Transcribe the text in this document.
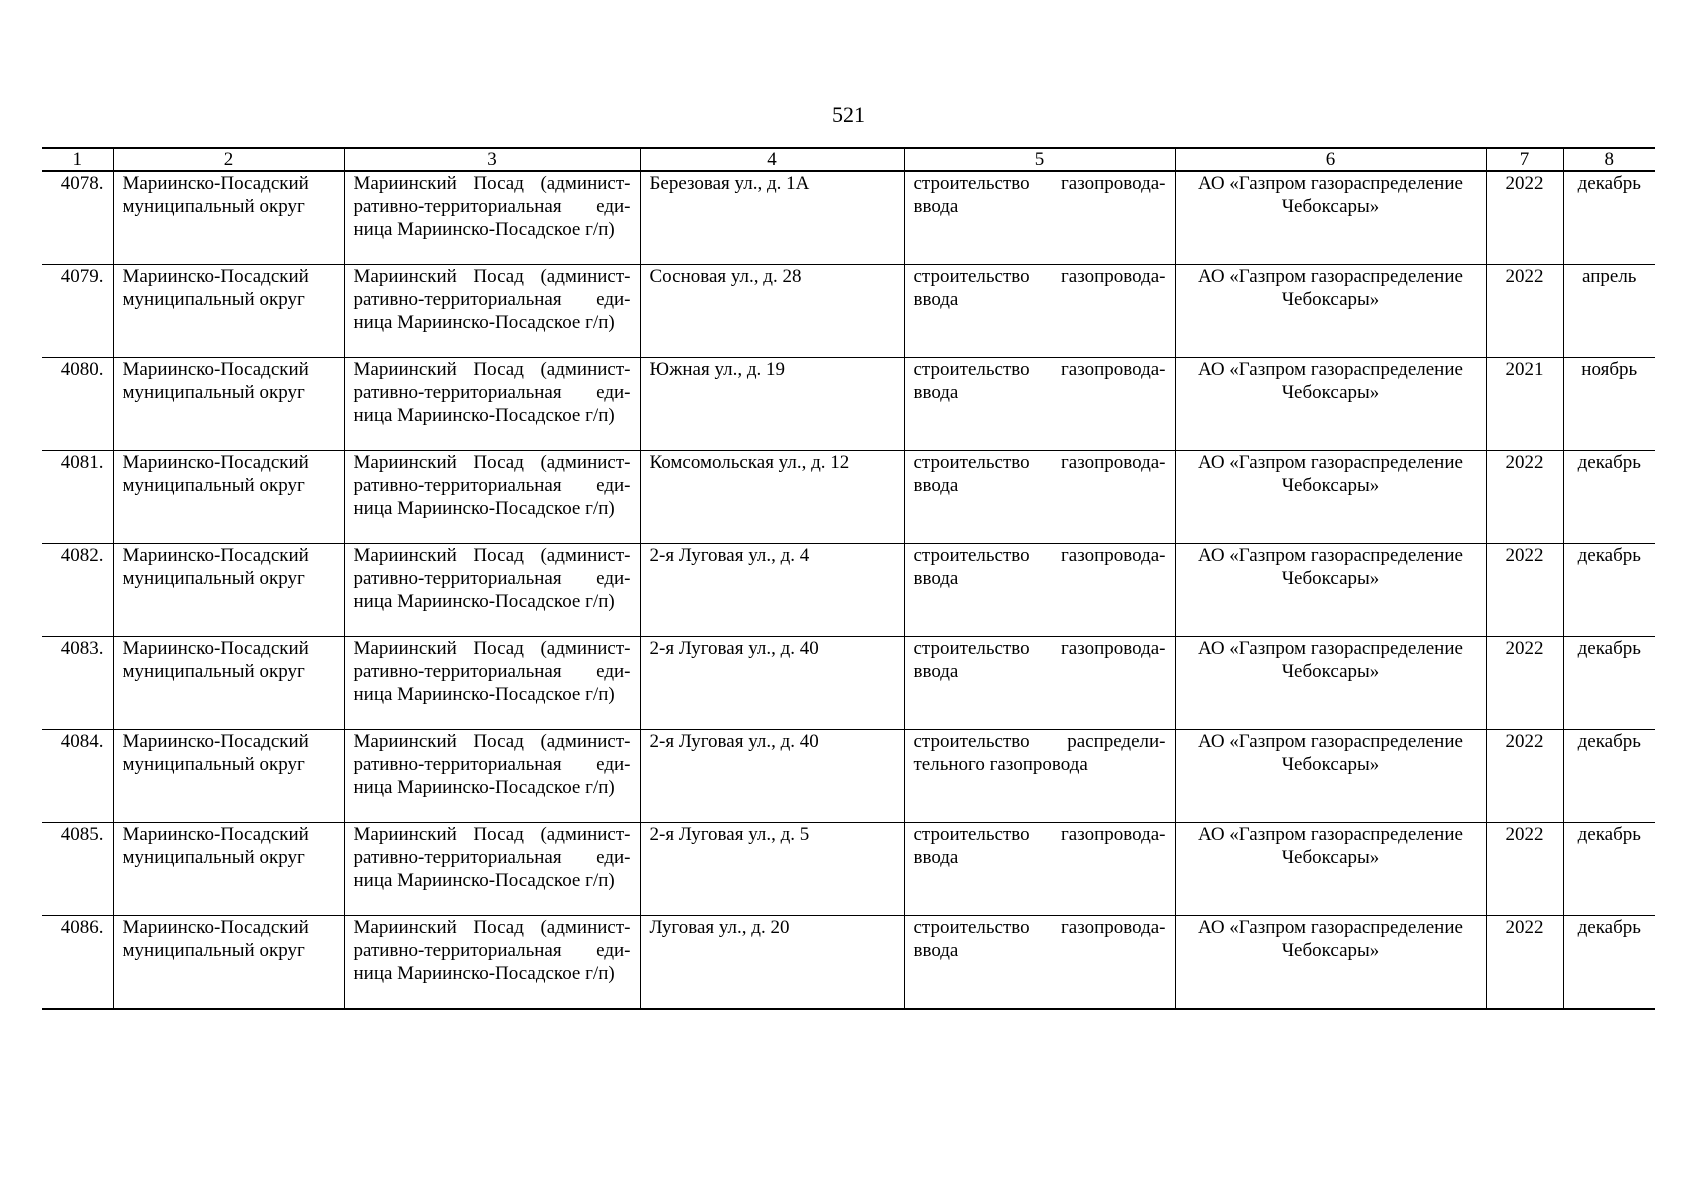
521
1	2	3	4	5	6	7	8
4078.	Мариинско-Посадский муниципальный округ	Мариинский Посад (админист-ративно-территориальная еди-ница Мариинско-Посадское г/п)	Березовая ул., д. 1А	строительство газопровода-ввода	АО «Газпром газораспределение Чебоксары»	2022	декабрь
4079.	Мариинско-Посадский муниципальный округ	Мариинский Посад (админист-ративно-территориальная еди-ница Мариинско-Посадское г/п)	Сосновая ул., д. 28	строительство газопровода-ввода	АО «Газпром газораспределение Чебоксары»	2022	апрель
4080.	Мариинско-Посадский муниципальный округ	Мариинский Посад (админист-ративно-территориальная еди-ница Мариинско-Посадское г/п)	Южная ул., д. 19	строительство газопровода-ввода	АО «Газпром газораспределение Чебоксары»	2021	ноябрь
4081.	Мариинско-Посадский муниципальный округ	Мариинский Посад (админист-ративно-территориальная еди-ница Мариинско-Посадское г/п)	Комсомольская ул., д. 12	строительство газопровода-ввода	АО «Газпром газораспределение Чебоксары»	2022	декабрь
4082.	Мариинско-Посадский муниципальный округ	Мариинский Посад (админист-ративно-территориальная еди-ница Мариинско-Посадское г/п)	2-я Луговая ул., д. 4	строительство газопровода-ввода	АО «Газпром газораспределение Чебоксары»	2022	декабрь
4083.	Мариинско-Посадский муниципальный округ	Мариинский Посад (админист-ративно-территориальная еди-ница Мариинско-Посадское г/п)	2-я Луговая ул., д. 40	строительство газопровода-ввода	АО «Газпром газораспределение Чебоксары»	2022	декабрь
4084.	Мариинско-Посадский муниципальный округ	Мариинский Посад (админист-ративно-территориальная еди-ница Мариинско-Посадское г/п)	2-я Луговая ул., д. 40	строительство распредели-тельного газопровода	АО «Газпром газораспределение Чебоксары»	2022	декабрь
4085.	Мариинско-Посадский муниципальный округ	Мариинский Посад (админист-ративно-территориальная еди-ница Мариинско-Посадское г/п)	2-я Луговая ул., д. 5	строительство газопровода-ввода	АО «Газпром газораспределение Чебоксары»	2022	декабрь
4086.	Мариинско-Посадский муниципальный округ	Мариинский Посад (админист-ративно-территориальная еди-ница Мариинско-Посадское г/п)	Луговая ул., д. 20	строительство газопровода-ввода	АО «Газпром газораспределение Чебоксары»	2022	декабрь
